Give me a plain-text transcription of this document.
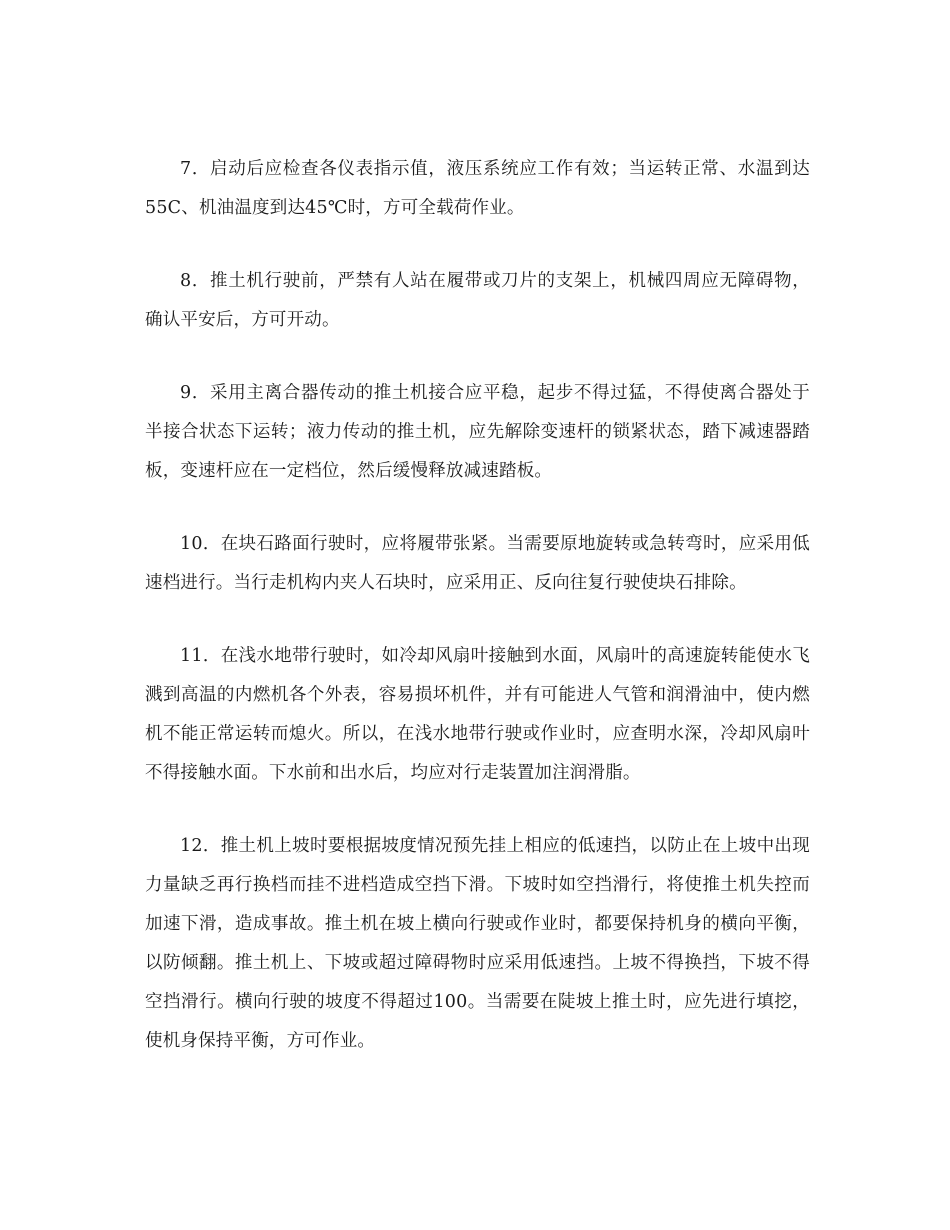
7．启动后应检查各仪表指示值，液压系统应工作有效；当运转正常、水温到达55C、机油温度到达45℃时，方可全载荷作业。

8．推土机行驶前，严禁有人站在履带或刀片的支架上，机械四周应无障碍物，确认平安后，方可开动。

9．采用主离合器传动的推土机接合应平稳，起步不得过猛，不得使离合器处于半接合状态下运转；液力传动的推土机，应先解除变速杆的锁紧状态，踏下减速器踏板，变速杆应在一定档位，然后缓慢释放减速踏板。

10．在块石路面行驶时，应将履带张紧。当需要原地旋转或急转弯时，应采用低速档进行。当行走机构内夹人石块时，应采用正、反向往复行驶使块石排除。

11．在浅水地带行驶时，如冷却风扇叶接触到水面，风扇叶的高速旋转能使水飞溅到高温的内燃机各个外表，容易损坏机件，并有可能进人气管和润滑油中，使内燃机不能正常运转而熄火。所以，在浅水地带行驶或作业时，应查明水深，冷却风扇叶不得接触水面。下水前和出水后，均应对行走装置加注润滑脂。

12．推土机上坡时要根据坡度情况预先挂上相应的低速挡，以防止在上坡中出现力量缺乏再行换档而挂不进档造成空挡下滑。下坡时如空挡滑行，将使推土机失控而加速下滑，造成事故。推土机在坡上横向行驶或作业时，都要保持机身的横向平衡，以防倾翻。推土机上、下坡或超过障碍物时应采用低速挡。上坡不得换挡，下坡不得空挡滑行。横向行驶的坡度不得超过100。当需要在陡坡上推土时，应先进行填挖，使机身保持平衡，方可作业。
